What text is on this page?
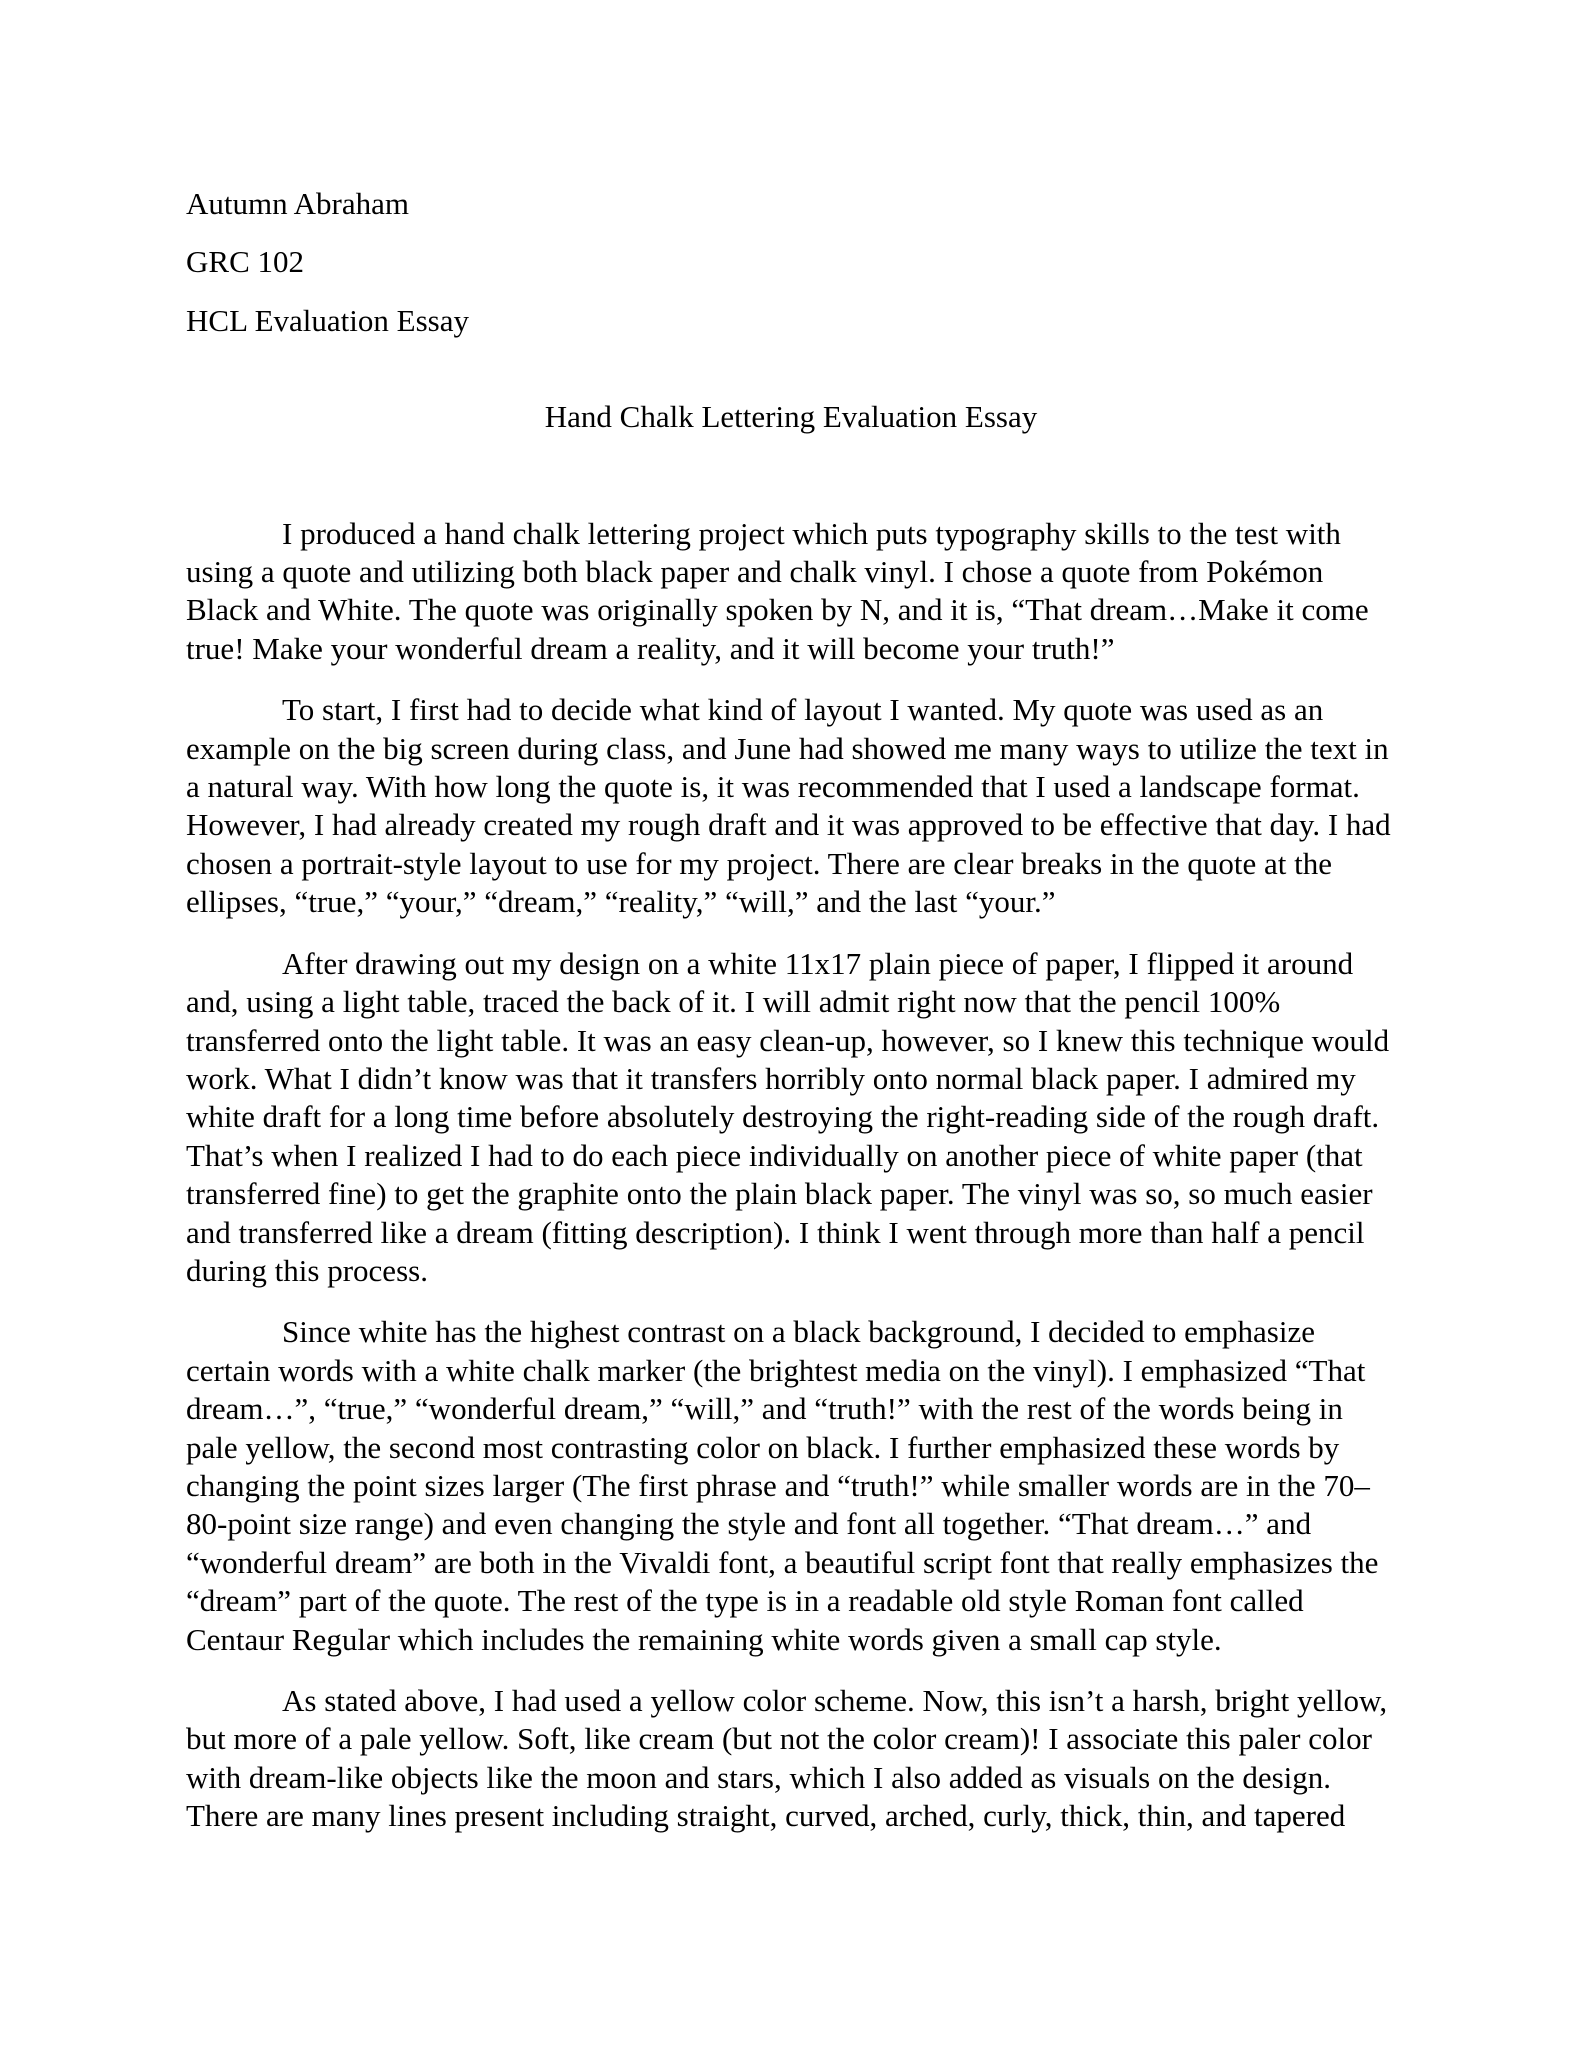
Autumn Abraham

GRC 102

HCL Evaluation Essay

Hand Chalk Lettering Evaluation Essay

I produced a hand chalk lettering project which puts typography skills to the test with
using a quote and utilizing both black paper and chalk vinyl. I chose a quote from Pokémon
Black and White. The quote was originally spoken by N, and it is, “That dream…Make it come
true! Make your wonderful dream a reality, and it will become your truth!”

To start, I first had to decide what kind of layout I wanted. My quote was used as an
example on the big screen during class, and June had showed me many ways to utilize the text in
a natural way. With how long the quote is, it was recommended that I used a landscape format.
However, I had already created my rough draft and it was approved to be effective that day. I had
chosen a portrait-style layout to use for my project. There are clear breaks in the quote at the
ellipses, “true,” “your,” “dream,” “reality,” “will,” and the last “your.”

After drawing out my design on a white 11x17 plain piece of paper, I flipped it around
and, using a light table, traced the back of it. I will admit right now that the pencil 100%
transferred onto the light table. It was an easy clean-up, however, so I knew this technique would
work. What I didn’t know was that it transfers horribly onto normal black paper. I admired my
white draft for a long time before absolutely destroying the right-reading side of the rough draft.
That’s when I realized I had to do each piece individually on another piece of white paper (that
transferred fine) to get the graphite onto the plain black paper. The vinyl was so, so much easier
and transferred like a dream (fitting description). I think I went through more than half a pencil
during this process.

Since white has the highest contrast on a black background, I decided to emphasize
certain words with a white chalk marker (the brightest media on the vinyl). I emphasized “That
dream…”, “true,” “wonderful dream,” “will,” and “truth!” with the rest of the words being in
pale yellow, the second most contrasting color on black. I further emphasized these words by
changing the point sizes larger (The first phrase and “truth!” while smaller words are in the 70–
80-point size range) and even changing the style and font all together. “That dream…” and
“wonderful dream” are both in the Vivaldi font, a beautiful script font that really emphasizes the
“dream” part of the quote. The rest of the type is in a readable old style Roman font called
Centaur Regular which includes the remaining white words given a small cap style.

As stated above, I had used a yellow color scheme. Now, this isn’t a harsh, bright yellow,
but more of a pale yellow. Soft, like cream (but not the color cream)! I associate this paler color
with dream-like objects like the moon and stars, which I also added as visuals on the design.
There are many lines present including straight, curved, arched, curly, thick, thin, and tapered
